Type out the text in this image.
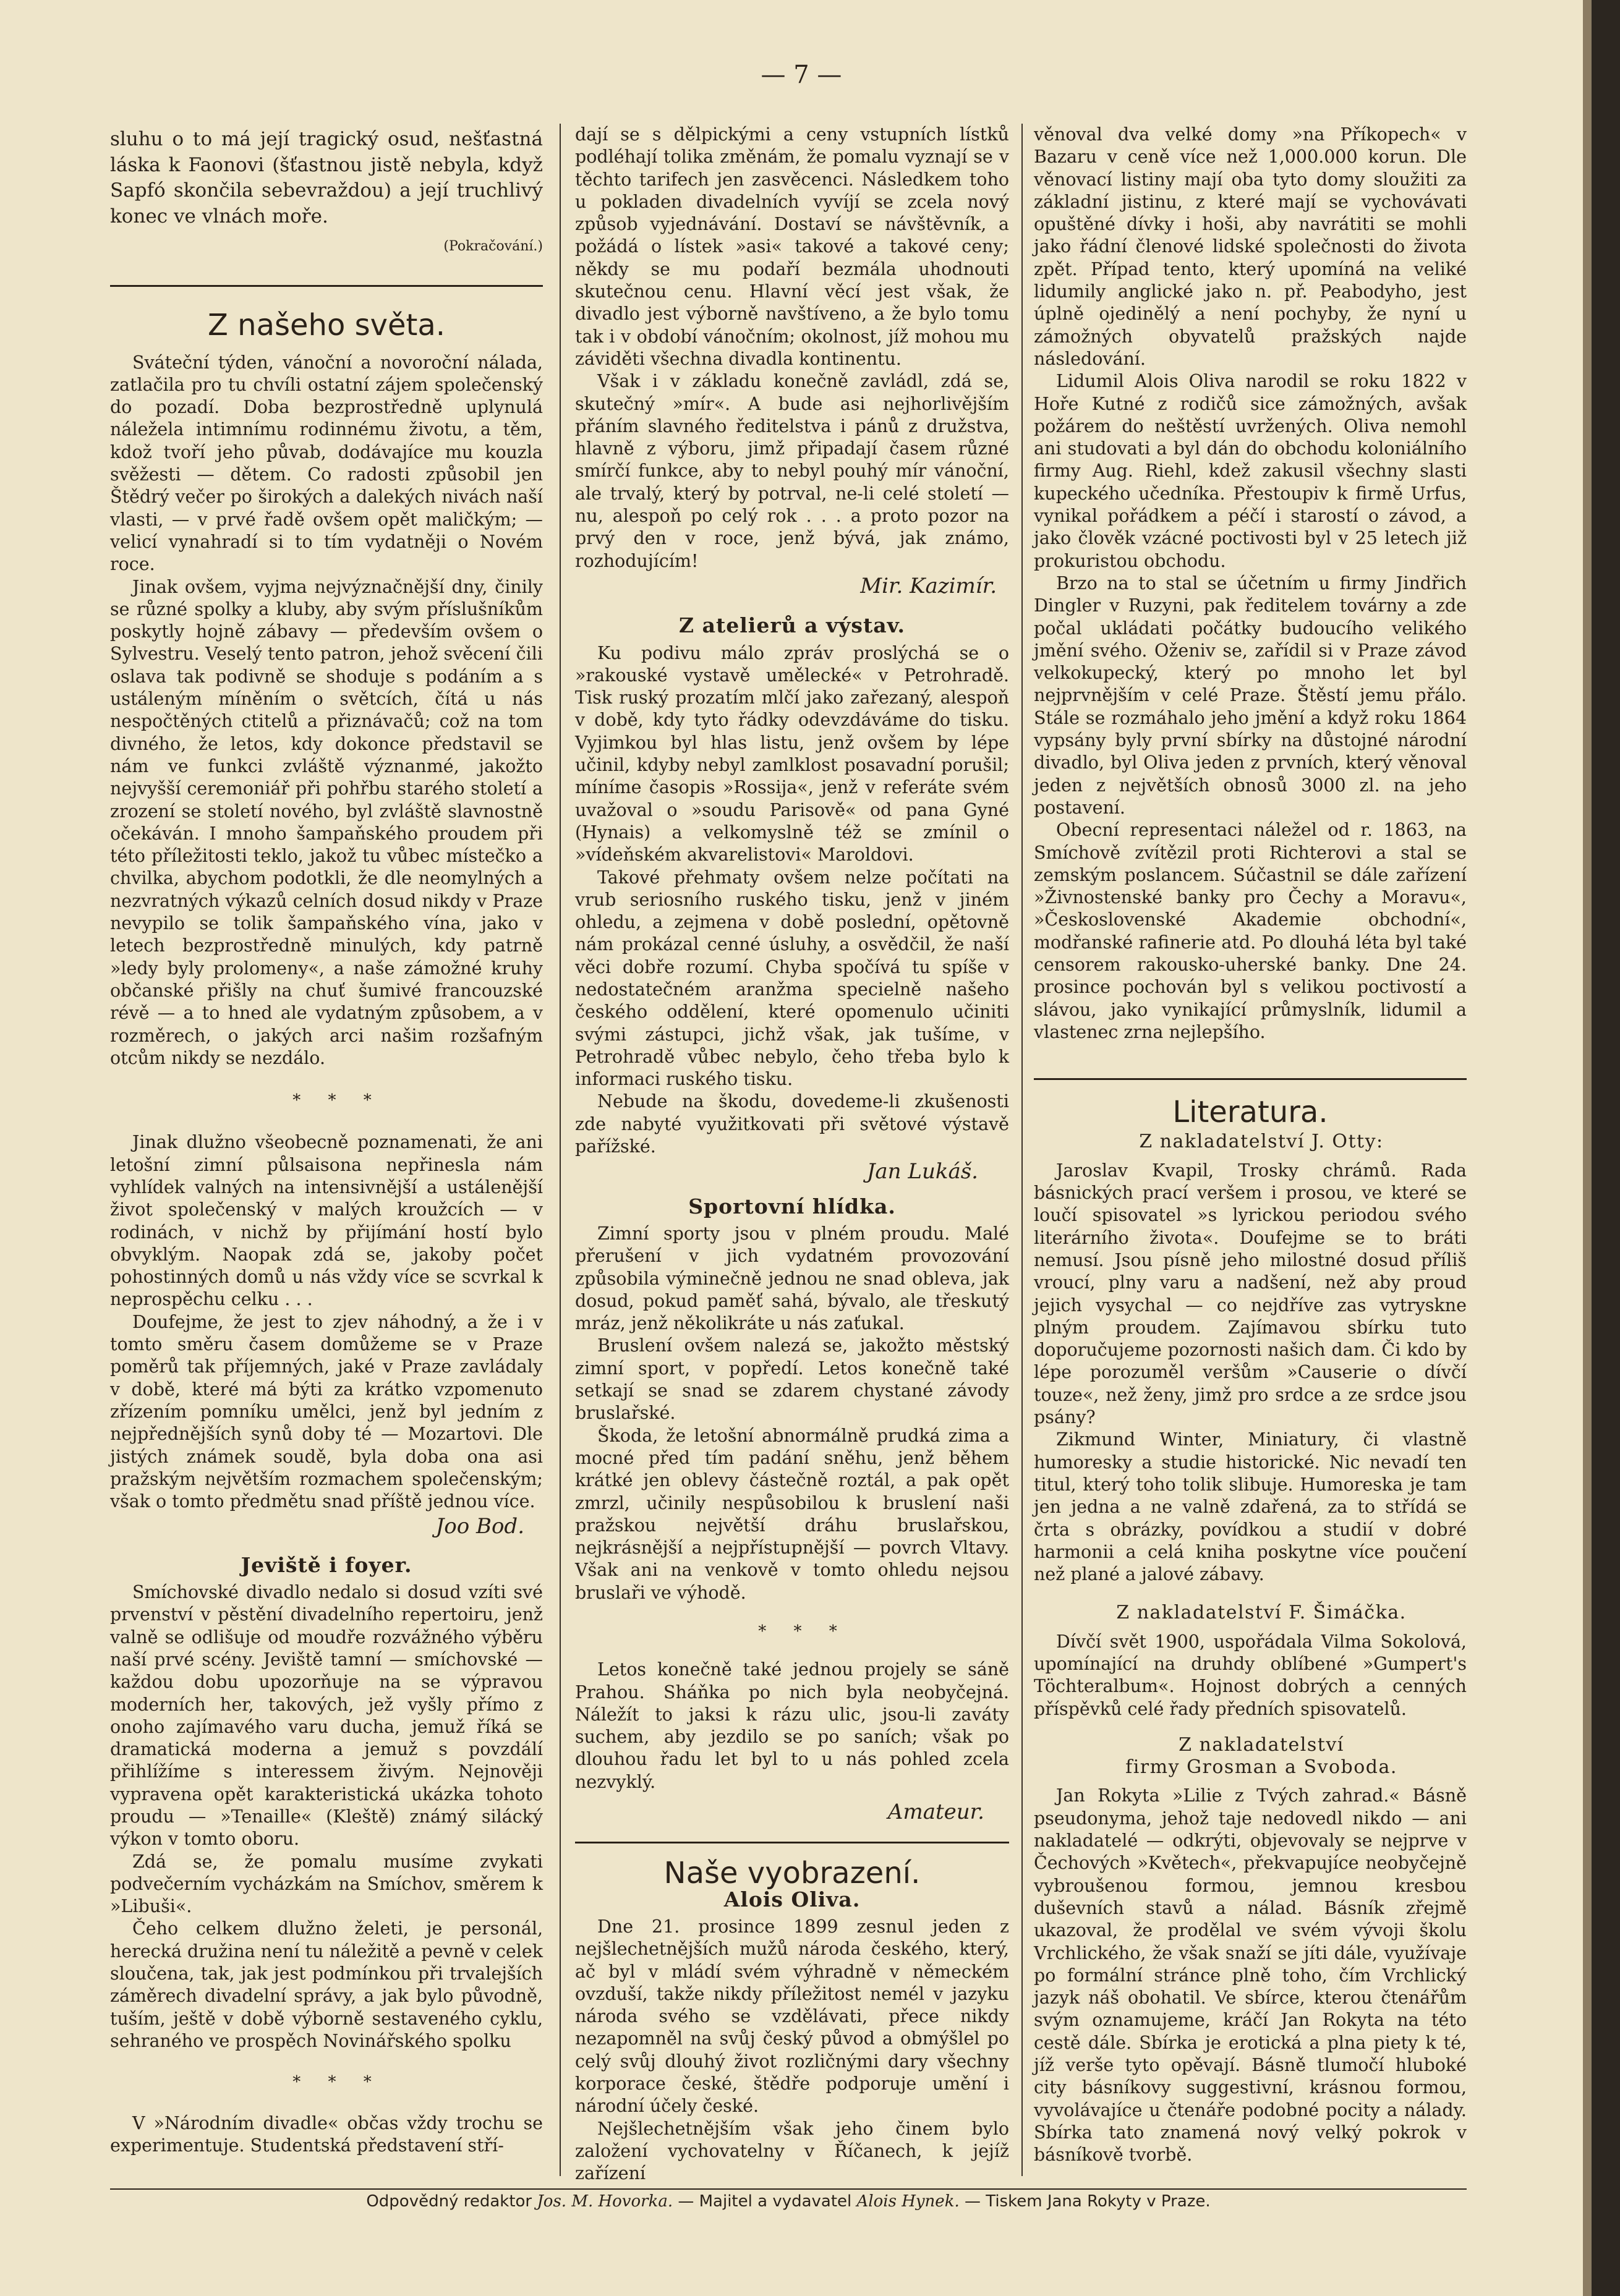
— 7 —

sluhu o to má její tragický osud, nešťastná láska k Faonovi (šťastnou jistě nebyla, když Sapfó skončila sebevraždou) a její truchlivý konec ve vlnách moře.

(Pokračování.)

Z našeho světa.

Sváteční týden, vánoční a novoroční nálada, zatlačila pro tu chvíli ostatní zájem společenský do pozadí. Doba bezprostředně uplynulá náležela intimnímu rodinnému životu, a těm, kdož tvoří jeho půvab, dodávajíce mu kouzla svěžesti — dětem. Co radosti způsobil jen Štědrý večer po širokých a dalekých nivách naší vlasti, — v prvé řadě ovšem opět maličkým; — velicí vynahradí si to tím vydatněji o Novém roce.

Jinak ovšem, vyjma nejvýznačnější dny, činily se různé spolky a kluby, aby svým příslušníkům poskytly hojně zábavy — především ovšem o Sylvestru. Veselý tento patron, jehož svěcení čili oslava tak podivně se shoduje s podáním a s ustáleným míněním o světcích, čítá u nás nespočtěných ctitelů a přiznávačů; což na tom divného, že letos, kdy dokonce představil se nám ve funkci zvláště význanmé, jakožto nejvyšší ceremoniář při pohřbu starého století a zrození se století nového, byl zvláště slavnostně očekáván. I mnoho šampaňského proudem při této příležitosti teklo, jakož tu vůbec místečko a chvilka, abychom podotkli, že dle neomylných a nezvratných výkazů celních dosud nikdy v Praze nevypilo se tolik šampaňského vína, jako v letech bezprostředně minulých, kdy patrně »ledy byly prolomeny«, a naše zámožné kruhy občanské přišly na chuť šumivé francouzské révě — a to hned ale vydatným způsobem, a v rozměrech, o jakých arci našim rozšafným otcům nikdy se nezdálo.

* * *

Jinak dlužno všeobecně poznamenati, že ani letošní zimní půlsaisona nepřinesla nám vyhlídek valných na intensivnější a ustálenější život společenský v malých kroužcích — v rodinách, v nichž by přijímání hostí bylo obvyklým. Naopak zdá se, jakoby počet pohostinných domů u nás vždy více se scvrkal k neprospěchu celku . . .

Doufejme, že jest to zjev náhodný, a že i v tomto směru časem domůžeme se v Praze poměrů tak příjemných, jaké v Praze zavládaly v době, které má býti za krátko vzpomenuto zřízením pomníku umělci, jenž byl jedním z nejpřednějších synů doby té — Mozartovi. Dle jistých známek soudě, byla doba ona asi pražským největším rozmachem společenským; však o tomto předmětu snad příště jednou více.

Joo Bod.

Jeviště i foyer.

Smíchovské divadlo nedalo si dosud vzíti své prvenství v pěstění divadelního repertoiru, jenž valně se odlišuje od moudře rozvážného výběru naší prvé scény. Jeviště tamní — smíchovské — každou dobu upozorňuje na se výpravou moderních her, takových, jež vyšly přímo z onoho zajímavého varu ducha, jemuž říká se dramatická moderna a jemuž s povzdálí přihlížíme s interessem živým. Nejnověji vypravena opět karakteristická ukázka tohoto proudu — »Tenaille« (Kleště) známý silácký výkon v tomto oboru.

Zdá se, že pomalu musíme zvykati podvečerním vycházkám na Smíchov, směrem k »Libuši«.

Čeho celkem dlužno želeti, je personál, herecká družina není tu náležitě a pevně v celek sloučena, tak, jak jest podmínkou při trvalejších záměrech divadelní správy, a jak bylo původně, tuším, ještě v době výborně sestaveného cyklu, sehraného ve prospěch Novinářského spolku

* * *

V »Národním divadle« občas vždy trochu se experimentuje. Studentská představení stří-

dají se s dělpickými a ceny vstupních lístků podléhají tolika změnám, že pomalu vyznají se v těchto tarifech jen zasvěcenci. Následkem toho u pokladen divadelních vyvíjí se zcela nový způsob vyjednávání. Dostaví se návštěvník, a požádá o lístek »asi« takové a takové ceny; někdy se mu podaří bezmála uhodnouti skutečnou cenu. Hlavní věcí jest však, že divadlo jest výborně navštíveno, a že bylo tomu tak i v období vánočním; okolnost, jíž mohou mu záviděti všechna divadla kontinentu.

Však i v základu konečně zavládl, zdá se, skutečný »mír«. A bude asi nejhorlivějším přáním slavného ředitelstva i pánů z družstva, hlavně z výboru, jimž připadají časem různé smírčí funkce, aby to nebyl pouhý mír vánoční, ale trvalý, který by potrval, ne-li celé století — nu, alespoň po celý rok . . . a proto pozor na prvý den v roce, jenž bývá, jak známo, rozhodujícím!

Mir. Kazimír.

Z atelierů a výstav.

Ku podivu málo zpráv proslýchá se o »rakouské vystavě umělecké« v Petrohradě. Tisk ruský prozatím mlčí jako zařezaný, alespoň v době, kdy tyto řádky odevzdáváme do tisku. Vyjimkou byl hlas listu, jenž ovšem by lépe učinil, kdyby nebyl zamlklost posavadní porušil; míníme časopis »Rossija«, jenž v referáte svém uvažoval o »soudu Parisově« od pana Gyné (Hynais) a velkomyslně též se zmínil o »vídeňském akvarelistovi« Maroldovi.

Takové přehmaty ovšem nelze počítati na vrub seriosního ruského tisku, jenž v jiném ohledu, a zejmena v době poslední, opětovně nám prokázal cenné úsluhy, a osvědčil, že naší věci dobře rozumí. Chyba spočívá tu spíše v nedostatečném aranžma specielně našeho českého oddělení, které opomenulo učiniti svými zástupci, jichž však, jak tušíme, v Petrohradě vůbec nebylo, čeho třeba bylo k informaci ruského tisku.

Nebude na škodu, dovedeme-li zkušenosti zde nabyté využitkovati při světové výstavě pařížské.

Jan Lukáš.

Sportovní hlídka.

Zimní sporty jsou v plném proudu. Malé přerušení v jich vydatném provozování způsobila výminečně jednou ne snad obleva, jak dosud, pokud paměť sahá, bývalo, ale třeskutý mráz, jenž několikráte u nás zaťukal.

Bruslení ovšem nalezá se, jakožto městský zimní sport, v popředí. Letos konečně také setkají se snad se zdarem chystané závody bruslařské.

Škoda, že letošní abnormálně prudká zima a mocné před tím padání sněhu, jenž během krátké jen oblevy částečně roztál, a pak opět zmrzl, učinily nespůsobilou k bruslení naši pražskou největší dráhu bruslařskou, nejkrásnější a nejpřístupnější — povrch Vltavy. Však ani na venkově v tomto ohledu nejsou bruslaři ve výhodě.

* * *

Letos konečně také jednou projely se sáně Prahou. Sháňka po nich byla neobyčejná. Náležít to jaksi k rázu ulic, jsou-li zaváty suchem, aby jezdilo se po saních; však po dlouhou řadu let byl to u nás pohled zcela nezvyklý.

Amateur.

Naše vyobrazení.
Alois Oliva.

Dne 21. prosince 1899 zesnul jeden z nejšlechetnějších mužů národa českého, který, ač byl v mládí svém výhradně v německém ovzduší, takže nikdy příležitost nemél v jazyku národa svého se vzdělávati, přece nikdy nezapomněl na svůj český původ a obmýšlel po celý svůj dlouhý život rozličnými dary všechny korporace české, štědře podporuje umění i národní účely české.

Nejšlechetnějším však jeho činem bylo založení vychovatelny v Říčanech, k jejíž zařízení

věnoval dva velké domy »na Příkopech« v Bazaru v ceně více než 1,000.000 korun. Dle věnovací listiny mají oba tyto domy sloužiti za základní jistinu, z které mají se vychovávati opuštěné dívky i hoši, aby navrátiti se mohli jako řádní členové lidské společnosti do života zpět. Případ tento, který upomíná na veliké lidumily anglické jako n. př. Peabodyho, jest úplně ojedinělý a není pochyby, že nyní u zámožných obyvatelů pražských najde následování.

Lidumil Alois Oliva narodil se roku 1822 v Hoře Kutné z rodičů sice zámožných, avšak požárem do neštěstí uvržených. Oliva nemohl ani studovati a byl dán do obchodu koloniálního firmy Aug. Riehl, kdež zakusil všechny slasti kupeckého učedníka. Přestoupiv k firmě Urfus, vynikal pořádkem a péčí i starostí o závod, a jako člověk vzácné poctivosti byl v 25 letech již prokuristou obchodu.

Brzo na to stal se účetním u firmy Jindřich Dingler v Ruzyni, pak ředitelem továrny a zde počal ukládati počátky budoucího velikého jmění svého. Oženiv se, zařídil si v Praze závod velkokupecký, který po mnoho let byl nejprvnějším v celé Praze. Štěstí jemu přálo. Stále se rozmáhalo jeho jmění a když roku 1864 vypsány byly první sbírky na důstojné národní divadlo, byl Oliva jeden z prvních, který věnoval jeden z největších obnosů 3000 zl. na jeho postavení.

Obecní representaci náležel od r. 1863, na Smíchově zvítězil proti Richterovi a stal se zemským poslancem. Súčastnil se dále zařízení »Živnostenské banky pro Čechy a Moravu«, »Československé Akademie obchodní«, modřanské rafinerie atd. Po dlouhá léta byl také censorem rakousko-uherské banky. Dne 24. prosince pochován byl s velikou poctivostí a slávou, jako vynikající průmyslník, lidumil a vlastenec zrna nejlepšího.

Literatura.

Z nakladatelství J. Otty:

Jaroslav Kvapil, Trosky chrámů. Rada básnických prací veršem i prosou, ve které se loučí spisovatel »s lyrickou periodou svého literárního života«. Doufejme se to bráti nemusí. Jsou písně jeho milostné dosud příliš vroucí, plny varu a nadšení, než aby proud jejich vysychal — co nejdříve zas vytryskne plným proudem. Zajímavou sbírku tuto doporučujeme pozornosti našich dam. Či kdo by lépe porozuměl veršům »Causerie o dívčí touze«, než ženy, jimž pro srdce a ze srdce jsou psány?

Zikmund Winter, Miniatury, či vlastně humoresky a studie historické. Nic nevadí ten titul, který toho tolik slibuje. Humoreska je tam jen jedna a ne valně zdařená, za to střídá se črta s obrázky, povídkou a studií v dobré harmonii a celá kniha poskytne více poučení než plané a jalové zábavy.

Z nakladatelství F. Šimáčka.

Dívčí svět 1900, uspořádala Vilma Sokolová, upomínající na druhdy oblíbené »Gumpert's Töchteralbum«. Hojnost dobrých a cenných příspěvků celé řady předních spisovatelů.

Z nakladatelství

firmy Grosman a Svoboda.

Jan Rokyta »Lilie z Tvých zahrad.« Básně pseudonyma, jehož taje nedovedl nikdo — ani nakladatelé — odkrýti, objevovaly se nejprve v Čechových »Květech«, překvapujíce neobyčejně vybroušenou formou, jemnou kresbou duševních stavů a nálad. Básník zřejmě ukazoval, že prodělal ve svém vývoji školu Vrchlického, že však snaží se jíti dále, využívaje po formální stránce plně toho, čím Vrchlický jazyk náš obohatil. Ve sbírce, kterou čtenářům svým oznamujeme, kráčí Jan Rokyta na této cestě dále. Sbírka je erotická a plna piety k té, jíž verše tyto opěvají. Básně tlumočí hluboké city básníkovy suggestivní, krásnou formou, vyvolávajíce u čtenáře podobné pocity a nálady. Sbírka tato znamená nový velký pokrok v básníkově tvorbě.

Odpovědný redaktor Jos. M. Hovorka. — Majitel a vydavatel Alois Hynek. — Tiskem Jana Rokyty v Praze.
